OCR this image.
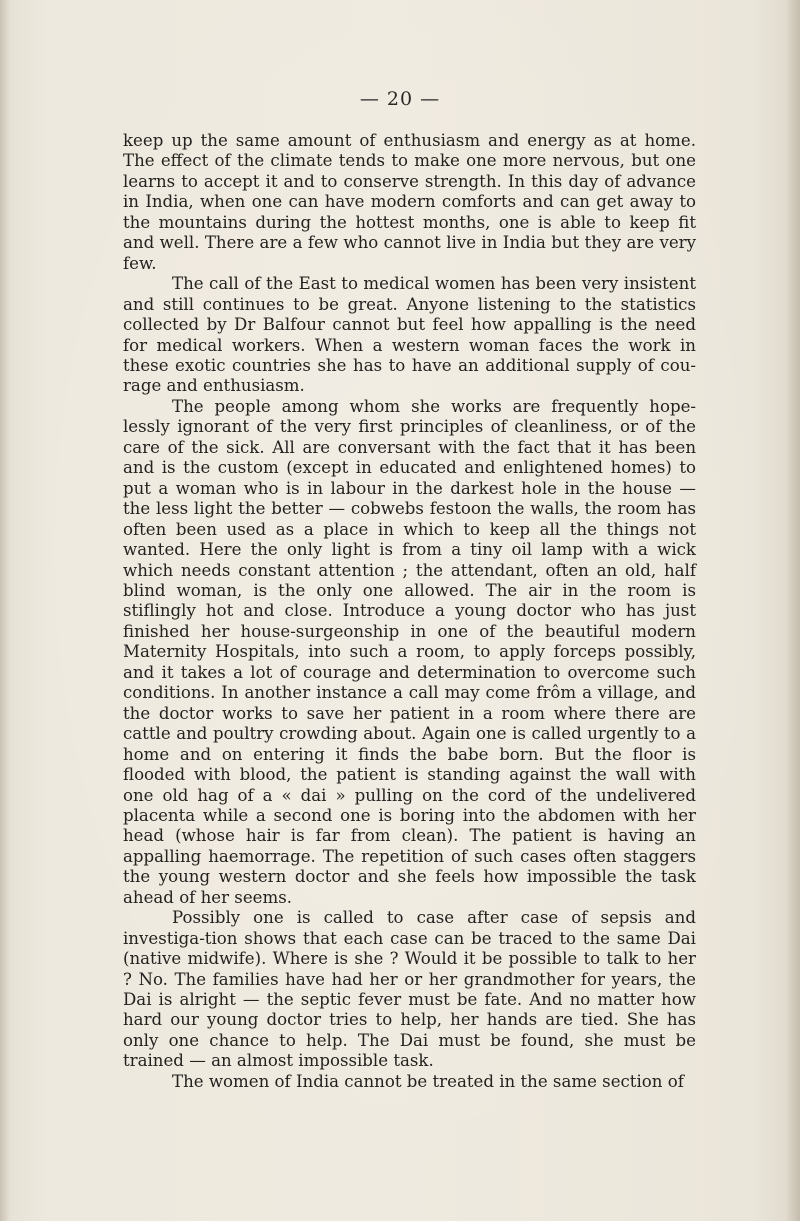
— 20 —

keep up the same amount of enthusiasm and energy as at home. The effect of the climate tends to make one more nervous, but one learns to accept it and to conserve strength. In this day of advance in India, when one can have modern comforts and can get away to the mountains during the hottest months, one is able to keep fit and well. There are a few who cannot live in India but they are very few.

The call of the East to medical women has been very insistent and still continues to be great. Anyone listening to the statistics collected by Dr Balfour cannot but feel how appalling is the need for medical workers. When a western woman faces the work in these exotic countries she has to have an additional supply of cou-rage and enthusiasm.

The people among whom she works are frequently hope-lessly ignorant of the very first principles of cleanliness, or of the care of the sick. All are conversant with the fact that it has been and is the custom (except in educated and enlightened homes) to put a woman who is in labour in the darkest hole in the house — the less light the better — cobwebs festoon the walls, the room has often been used as a place in which to keep all the things not wanted. Here the only light is from a tiny oil lamp with a wick which needs constant attention ; the attendant, often an old, half blind woman, is the only one allowed. The air in the room is stiflingly hot and close. Introduce a young doctor who has just finished her house-surgeonship in one of the beautiful modern Maternity Hospitals, into such a room, to apply forceps possibly, and it takes a lot of courage and determination to overcome such conditions. In another instance a call may come frôm a village, and the doctor works to save her patient in a room where there are cattle and poultry crowding about. Again one is called urgently to a home and on entering it finds the babe born. But the floor is flooded with blood, the patient is standing against the wall with one old hag of a « dai » pulling on the cord of the undelivered placenta while a second one is boring into the abdomen with her head (whose hair is far from clean). The patient is having an appalling haemorrage. The repetition of such cases often staggers the young western doctor and she feels how impossible the task ahead of her seems.

Possibly one is called to case after case of sepsis and investiga-tion shows that each case can be traced to the same Dai (native midwife). Where is she ? Would it be possible to talk to her ? No. The families have had her or her grandmother for years, the Dai is alright — the septic fever must be fate. And no matter how hard our young doctor tries to help, her hands are tied. She has only one chance to help. The Dai must be found, she must be trained — an almost impossible task.

The women of India cannot be treated in the same section of
